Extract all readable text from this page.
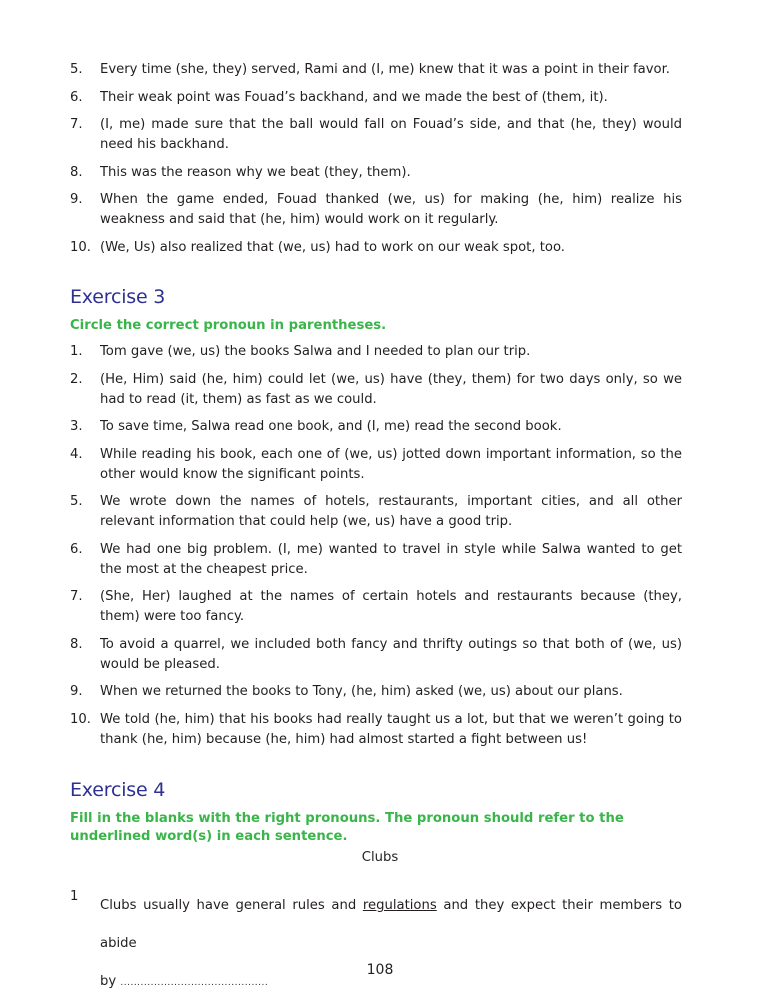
5.	Every time (she, they) served, Rami and (I, me) knew that it was a point in their favor.
6.	Their weak point was Fouad’s backhand, and we made the best of (them, it).
7.	(I, me) made sure that the ball would fall on Fouad’s side, and that (he, they) would need his backhand.
8.	This was the reason why we beat (they, them).
9.	When the game ended, Fouad thanked (we, us) for making (he, him) realize his weakness and said that (he, him) would work on it regularly.
10. (We, Us) also realized that (we, us) had to work on our weak spot, too.
Exercise 3

Circle the correct pronoun in parentheses.

1.	Tom gave (we, us) the books Salwa and I needed to plan our trip.
2.	(He, Him) said (he, him) could let (we, us) have (they, them) for two days only, so we had to read (it, them) as fast as we could.
3.	To save time, Salwa read one book, and (I, me) read the second book.
4.	While reading his book, each one of (we, us) jotted down important information, so the other would know the significant points.
5.	We wrote down the names of hotels, restaurants, important cities, and all other relevant information that could help (we, us) have a good trip.
6.	We had one big problem. (I, me) wanted to travel in style while Salwa wanted to get the most at the cheapest price.
7.	(She, Her) laughed at the names of certain hotels and restaurants because (they, them) were too fancy.
8.	To avoid a quarrel, we included both fancy and thrifty outings so that both of (we, us) would be pleased.
9.	When we returned the books to Tony, (he, him) asked (we, us) about our plans.
10. We told (he, him) that his books had really taught us a lot, but that we weren’t going to thank (he, him) because (he, him) had almost started a fight between us!
Exercise 4

Fill in the blanks with the right pronouns. The pronoun should refer to the underlined word(s) in each sentence.

Clubs
1
Clubs usually have general rules and regulations and they expect their members to abide
by ............................................
108
